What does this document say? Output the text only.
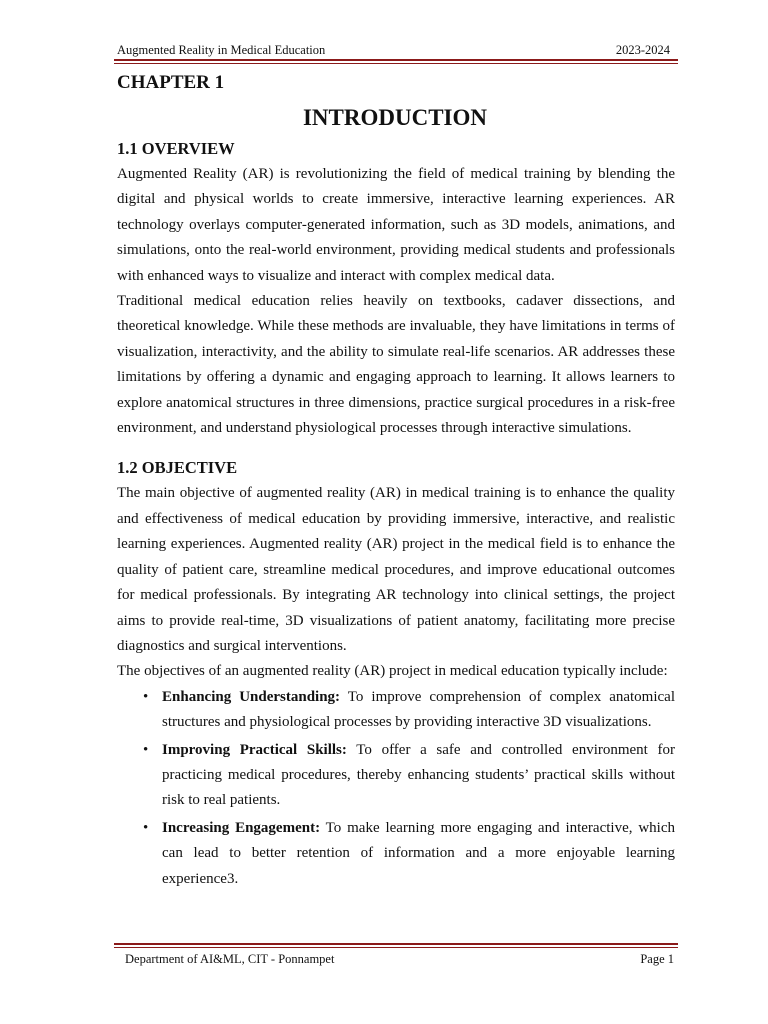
Augmented Reality in Medical Education	2023-2024
CHAPTER 1
INTRODUCTION
1.1 OVERVIEW

Augmented Reality (AR) is revolutionizing the field of medical training by blending the digital and physical worlds to create immersive, interactive learning experiences. AR technology overlays computer-generated information, such as 3D models, animations, and simulations, onto the real-world environment, providing medical students and professionals with enhanced ways to visualize and interact with complex medical data.

Traditional medical education relies heavily on textbooks, cadaver dissections, and theoretical knowledge. While these methods are invaluable, they have limitations in terms of visualization, interactivity, and the ability to simulate real-life scenarios. AR addresses these limitations by offering a dynamic and engaging approach to learning. It allows learners to explore anatomical structures in three dimensions, practice surgical procedures in a risk-free environment, and understand physiological processes through interactive simulations.

1.2 OBJECTIVE

The main objective of augmented reality (AR) in medical training is to enhance the quality and effectiveness of medical education by providing immersive, interactive, and realistic learning experiences. Augmented reality (AR) project in the medical field is to enhance the quality of patient care, streamline medical procedures, and improve educational outcomes for medical professionals. By integrating AR technology into clinical settings, the project aims to provide real-time, 3D visualizations of patient anatomy, facilitating more precise diagnostics and surgical interventions.

The objectives of an augmented reality (AR) project in medical education typically include:

• Enhancing Understanding: To improve comprehension of complex anatomical structures and physiological processes by providing interactive 3D visualizations.
• Improving Practical Skills: To offer a safe and controlled environment for practicing medical procedures, thereby enhancing students’ practical skills without risk to real patients.
• Increasing Engagement: To make learning more engaging and interactive, which can lead to better retention of information and a more enjoyable learning experience3.
Department of AI&ML, CIT - Ponnampet	Page 1
